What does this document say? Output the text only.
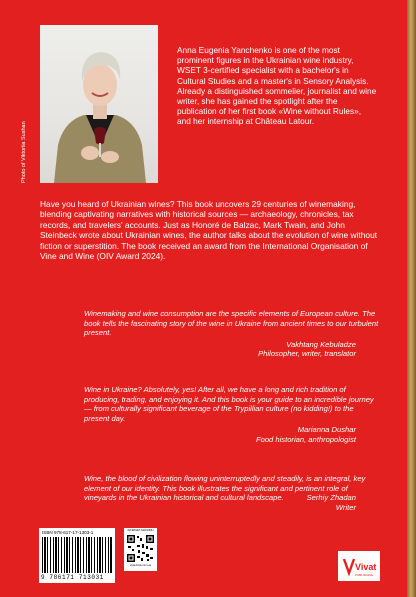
Photo of Viktoriia Sushan
Anna Eugenia Yanchenko is one of the most prominent figures in the Ukrainian wine industry, WSET 3-certified specialist with a bachelor's in Cultural Studies and a master's in Sensory Analysis. Already a distinguished sommelier, journalist and wine writer, she has gained the spotlight after the publication of her first book «Wine without Rules», and her internship at Château Latour.
Have you heard of Ukrainian wines? This book uncovers 29 centuries of winemaking, blending captivating narratives with historical sources — archaeology, chronicles, tax records, and travelers' accounts. Just as Honoré de Balzac, Mark Twain, and John Steinbeck wrote about Ukrainian wines, the author talks about the evolution of wine without fiction or superstition. The book received an award from the International Organisation of Vine and Wine (OIV Award 2024).
Winemaking and wine consumption are the specific elements of European culture. The book tells the fascinating story of the wine in Ukraine from ancient times to our turbulent present.
Vakhtang Kebuladze
Philosopher, writer, translator
Wine in Ukraine? Absolutely, yes! After all, we have a long and rich tradition of producing, trading, and enjoying it. And this book is your guide to an incredible journey — from culturally significant beverage of the Trypillian culture (no kidding!) to the present day.
Marianna Dushar
Food historian, anthropologist
Wine, the blood of civilization flowing uninterruptedly and steadily, is an integral, key element of our identity. This book illustrates the significant and pertinent role of vineyards in the Ukrainian historical and cultural landscape.	Serhiy Zhadan
Writer
ISBN 978-617-17-1303-1
9 786171 713031
ІНТЕРНЕТ-МАГАЗИН
vivat-book.com.ua	Vivat
PUBLISHING
